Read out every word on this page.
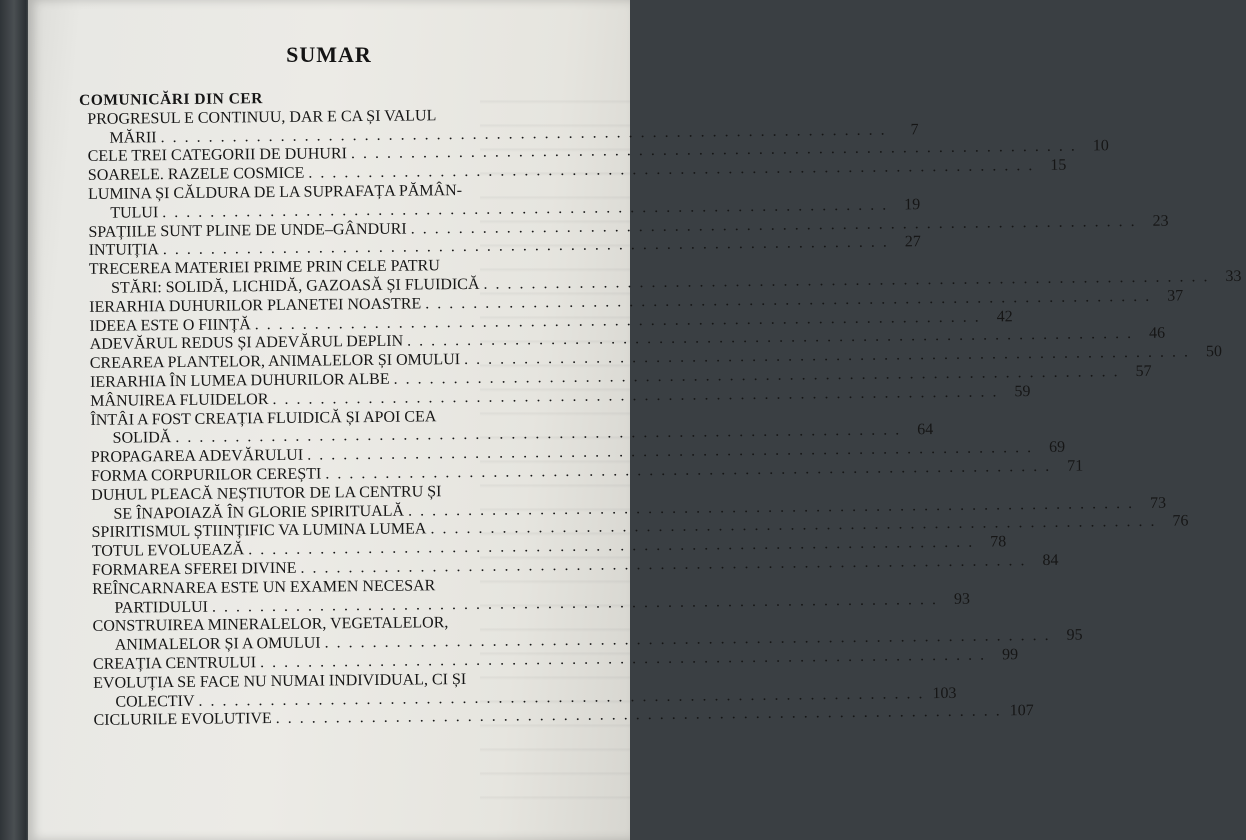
SUMAR
COMUNICĂRI DIN CER
PROGRESUL E CONTINUU, DAR E CA ȘI VALUL
MĂRII . . .	7
CELE TREI CATEGORII DE DUHURI . . .	10
SOARELE. RAZELE COSMICE . . .	15
LUMINA ȘI CĂLDURA DE LA SUPRAFAȚA PĂMÂN-
TULUI . . .	19
SPAȚIILE SUNT PLINE DE UNDE–GÂNDURI . . .	23
INTUIȚIA . . .	27
TRECEREA MATERIEI PRIME PRIN CELE PATRU
STĂRI: SOLIDĂ, LICHIDĂ, GAZOASĂ ȘI FLUIDICĂ . . .	33
IERARHIA DUHURILOR PLANETEI NOASTRE . . .	37
IDEEA ESTE O FIINȚĂ . . .	42
ADEVĂRUL REDUS ȘI ADEVĂRUL DEPLIN . . .	46
CREAREA PLANTELOR, ANIMALELOR ȘI OMULUI . . .	50
IERARHIA ÎN LUMEA DUHURILOR ALBE . . .	57
MÂNUIREA FLUIDELOR . . .	59
ÎNTÂI A FOST CREAȚIA FLUIDICĂ ȘI APOI CEA
SOLIDĂ . . .	64
PROPAGAREA ADEVĂRULUI . . .	69
FORMA CORPURILOR CEREȘTI . . .	71
DUHUL PLEACĂ NEȘTIUTOR DE LA CENTRU ȘI
SE ÎNAPOIAZĂ ÎN GLORIE SPIRITUALĂ . . .	73
SPIRITISMUL ȘTIINȚIFIC VA LUMINA LUMEA . . .	76
TOTUL EVOLUEAZĂ . . .	78
FORMAREA SFEREI DIVINE . . .	84
REÎNCARNAREA ESTE UN EXAMEN NECESAR
PARTIDULUI . . .	93
CONSTRUIREA MINERALELOR, VEGETALELOR,
ANIMALELOR ȘI A OMULUI . . .	95
CREAȚIA CENTRULUI . . .	99
EVOLUȚIA SE FACE NU NUMAI INDIVIDUAL, CI ȘI
COLECTIV . . .	103
CICLURILE EVOLUTIVE . . .	107
